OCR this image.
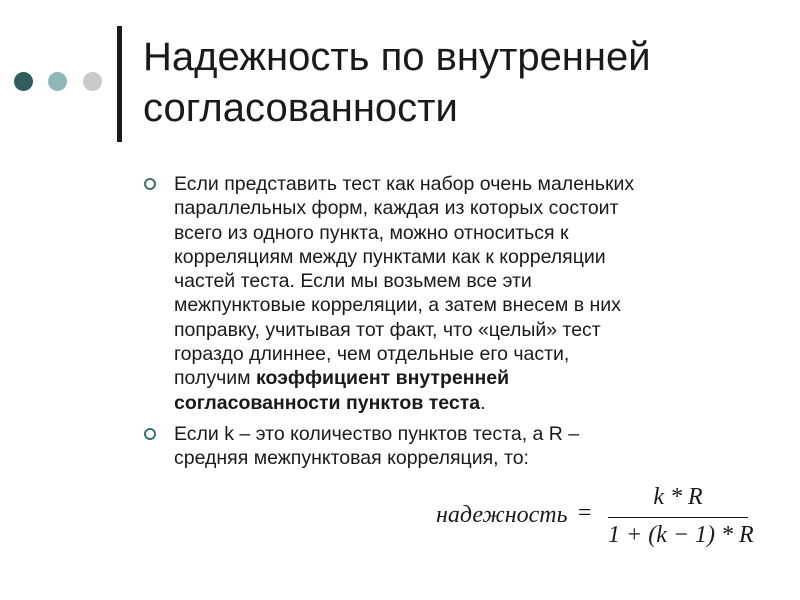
Надежность по внутренней
согласованности
Если представить тест как набор очень маленьких
параллельных форм, каждая из которых состоит
всего из одного пункта, можно относиться к
корреляциям между пунктами как к корреляции
частей теста. Если мы возьмем все эти
межпунктовые корреляции, а затем внесем в них
поправку, учитывая тот факт, что «целый» тест
гораздо длиннее, чем отдельные его части,
получим коэффициент внутренней
согласованности пунктов теста.
Если k – это количество пунктов теста, а R –
средняя межпунктовая корреляция, то:
надежность =
k * R
1 + (k − 1) * R
